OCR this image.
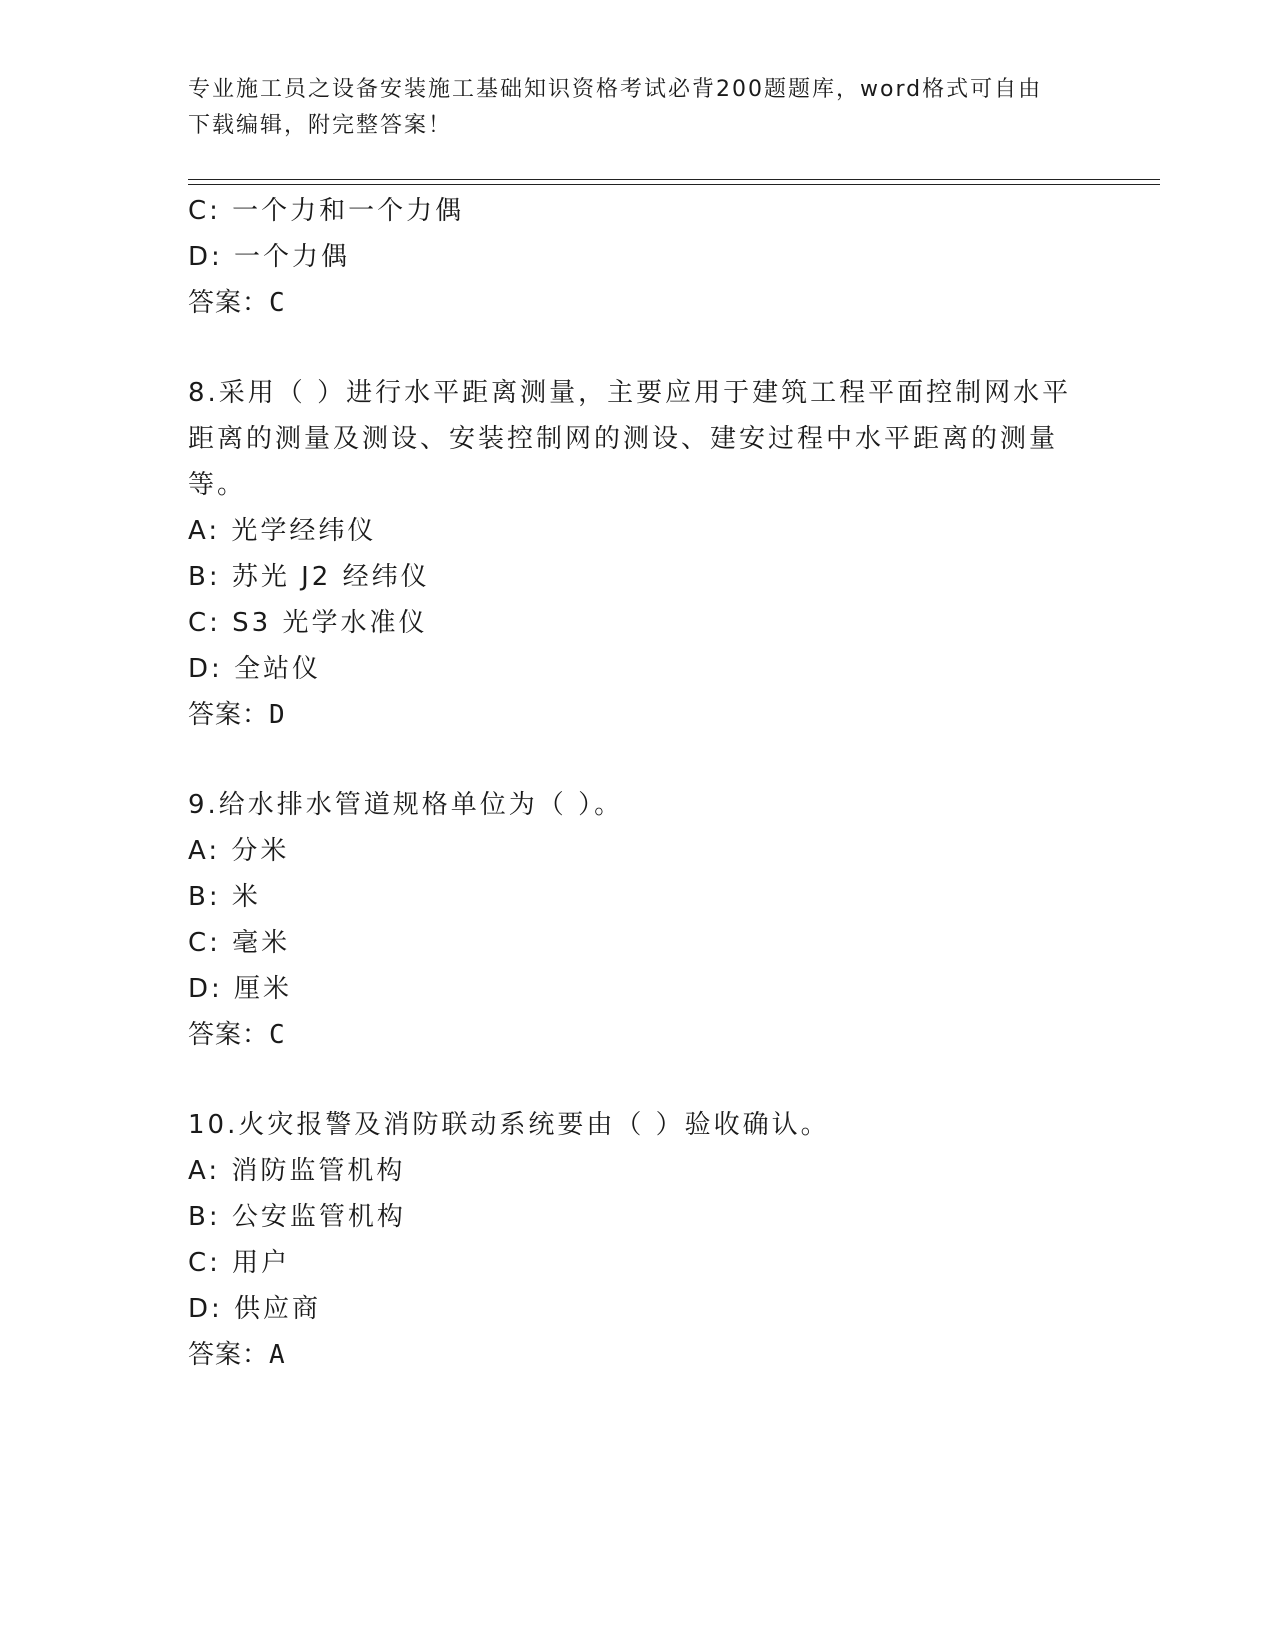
专业施工员之设备安装施工基础知识资格考试必背200题题库，word格式可自由
下载编辑，附完整答案！
C: 一个力和一个力偶
D: 一个力偶
答案：C
8.采用（ ）进行水平距离测量，主要应用于建筑工程平面控制网水平距离的测量及测设、安装控制网的测设、建安过程中水平距离的测量等。
A: 光学经纬仪
B: 苏光 J2 经纬仪
C: S3 光学水准仪
D: 全站仪
答案：D
9.给水排水管道规格单位为（ ）。
A: 分米
B: 米
C: 毫米
D: 厘米
答案：C
10.火灾报警及消防联动系统要由（ ）验收确认。
A: 消防监管机构
B: 公安监管机构
C: 用户
D: 供应商
答案：A
